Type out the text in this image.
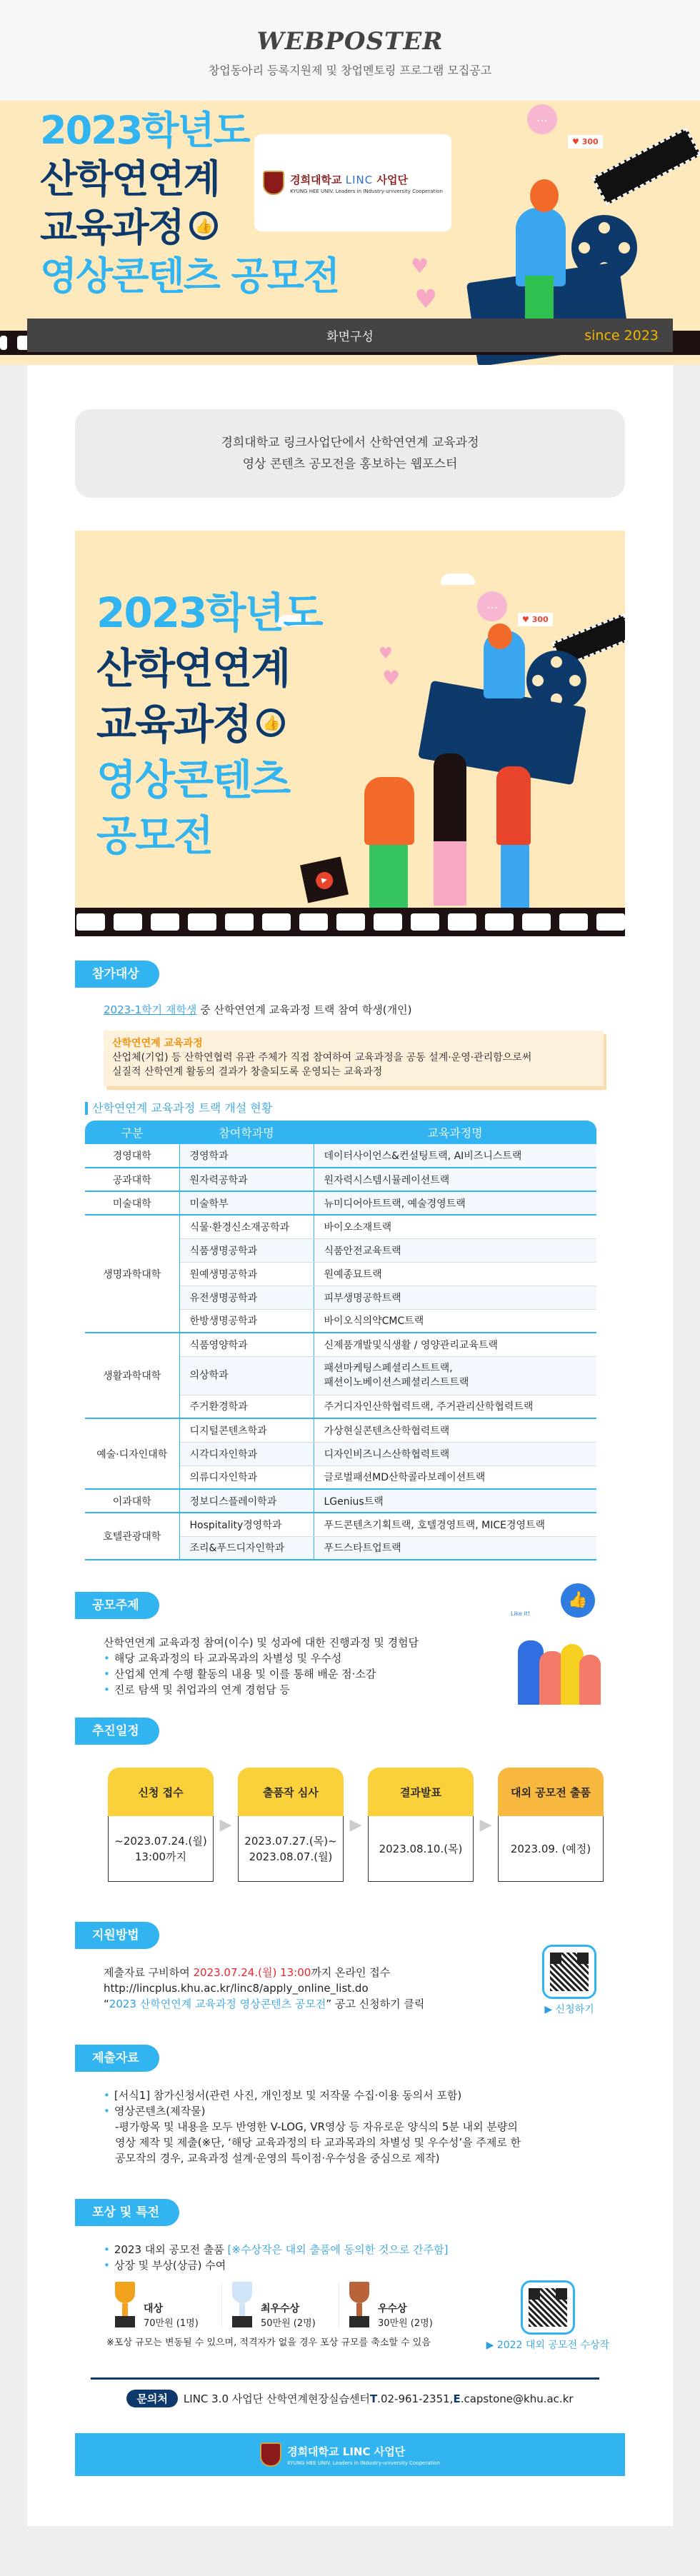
WEBPOSTER
창업동아리 등록지원제 및 창업멘토링 프로그램 모집공고
2023학년도
산학연연계
교육과정 👍
영상콘텐츠 공모전
경희대학교 LINC 사업단
KYUNG HEE UNIV. Leaders in INdustry-university Cooperation
…
♥ 300
♥
♥
화면구성	since 2023
경희대학교 링크사업단에서 산학연연계 교육과정
영상 콘텐츠 공모전을 홍보하는 웹포스터
2023학년도
산학연연계
교육과정 👍
영상콘텐츠
공모전
…
♥ 300
▶
♥
♥
참가대상
2023-1학기 재학생 중 산학연연계 교육과정 트랙 참여 학생(개인)
산학연연계 교육과정
산업체(기업) 등 산학연협력 유관 주체가 직접 참여하여 교육과정을 공동 설계·운영·관리함으로써
실질적 산학연계 활동의 결과가 창출되도록 운영되는 교육과정
산학연연계 교육과정 트랙 개설 현황
구분	참여학과명	교육과정명
경영대학	경영학과	데이터사이언스&컨설팅트랙, AI비즈니스트랙
공과대학	원자력공학과	원자력시스템시뮬레이션트랙
미술대학	미술학부	뉴미디어아트트랙, 예술경영트랙
생명과학대학	식물·환경신소재공학과	바이오소재트랙
	식품생명공학과	식품안전교육트랙
	원예생명공학과	원예종묘트랙
	유전생명공학과	피부생명공학트랙
	한방생명공학과	바이오식의약CMC트랙
생활과학대학	식품영양학과	신제품개발및식생활 / 영양관리교육트랙
	의상학과	패션마케팅스페셜리스트트랙,
패션이노베이션스페셜리스트트랙

	주거환경학과	주거디자인산학협력트랙, 주거관리산학협력트랙
예술·디자인대학	디지털콘텐츠학과	가상현실콘텐츠산학협력트랙
	시각디자인학과	디자인비즈니스산학협력트랙
	의류디자인학과	글로벌패션MD산학콜라보레이션트랙
이과대학	정보디스플레이학과	LGenius트랙
호텔관광대학	Hospitality경영학과	푸드콘텐츠기획트랙, 호텔경영트랙, MICE경영트랙
	조리&푸드디자인학과	푸드스타트업트랙
공모주제
산학연연계 교육과정 참여(이수) 및 성과에 대한 진행과정 및 경험담
• 해당 교육과정의 타 교과목과의 차별성 및 우수성
• 산업체 연계 수행 활동의 내용 및 이를 통해 배운 점·소감
• 진로 탐색 및 취업과의 연계 경험담 등
👍
Like it!
추진일정
신청 접수
~2023.07.24.(월)
13:00까지
▶
출품작 심사
2023.07.27.(목)~
2023.08.07.(월)
▶
결과발표
2023.08.10.(목)
▶
대외 공모전 출품
2023.09. (예정)
지원방법
제출자료 구비하여 2023.07.24.(월) 13:00까지 온라인 접수
http://lincplus.khu.ac.kr/linc8/apply_online_list.do
“2023 산학연연계 교육과정 영상콘텐츠 공모전” 공고 신청하기 클릭	▶ 신청하기
제출자료
• [서식1] 참가신청서(관련 사진, 개인정보 및 저작물 수집·이용 동의서 포함)
• 영상콘텐츠(제작물)
-평가항목 및 내용을 모두 반영한 V-LOG, VR영상 등 자유로운 양식의 5분 내외 분량의
영상 제작 및 제출(※단, ‘해당 교육과정의 타 교과목과의 차별성 및 우수성’을 주제로 한
공모작의 경우, 교육과정 설계·운영의 특이점·우수성을 중심으로 제작)
포상 및 특전
• 2023 대외 공모전 출품 [※수상작은 대외 출품에 동의한 것으로 간주함]
• 상장 및 부상(상금) 수여
대상
70만원 (1명)
최우수상
50만원 (2명)
우수상
30만원 (2명)
※포상 규모는 변동될 수 있으며, 적격자가 없을 경우 포상 규모를 축소할 수 있음	▶ 2022 대외 공모전 수상작
문의처	LINC 3.0 사업단 산학연계현장실습센터 T .02-961-2351, E .capstone@khu.ac.kr
경희대학교 LINC 사업단
KYUNG HEE UNIV. Leaders in INdustry-university Cooperation
